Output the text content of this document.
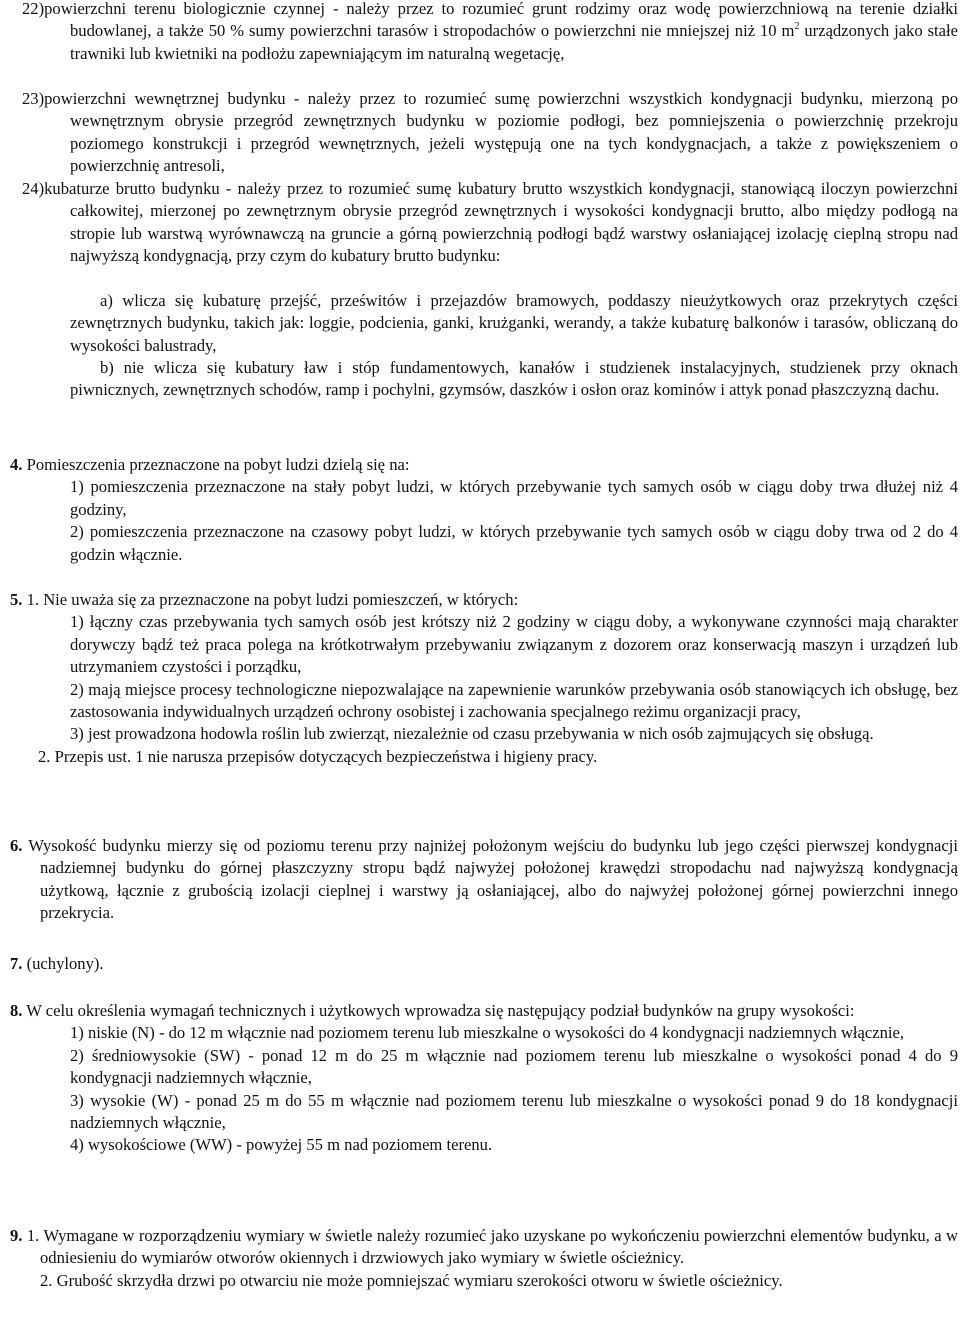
22)powierzchni terenu biologicznie czynnej - należy przez to rozumieć grunt rodzimy oraz wodę powierzchniową na terenie działki budowlanej, a także 50 % sumy powierzchni tarasów i stropodachów o powierzchni nie mniejszej niż 10 $m^2$ urządzonych jako stałe trawniki lub kwietniki na podłożu zapewniającym im naturalną wegetację,

23)powierzchni wewnętrznej budynku - należy przez to rozumieć sumę powierzchni wszystkich kondygnacji budynku, mierzoną po wewnętrznym obrysie przegród zewnętrznych budynku w poziomie podłogi, bez pomniejszenia o powierzchnię przekroju poziomego konstrukcji i przegród wewnętrznych, jeżeli występują one na tych kondygnacjach, a także z powiększeniem o powierzchnię antresoli,

24)kubaturze brutto budynku - należy przez to rozumieć sumę kubatury brutto wszystkich kondygnacji, stanowiącą iloczyn powierzchni całkowitej, mierzonej po zewnętrznym obrysie przegród zewnętrznych i wysokości kondygnacji brutto, albo między podłogą na stropie lub warstwą wyrównawczą na gruncie a górną powierzchnią podłogi bądź warstwy osłaniającej izolację cieplną stropu nad najwyższą kondygnacją, przy czym do kubatury brutto budynku:

a) wlicza się kubaturę przejść, prześwitów i przejazdów bramowych, poddaszy nieużytkowych oraz przekrytych części zewnętrznych budynku, takich jak: loggie, podcienia, ganki, krużganki, werandy, a także kubaturę balkonów i tarasów, obliczaną do wysokości balustrady,

b) nie wlicza się kubatury ław i stóp fundamentowych, kanałów i studzienek instalacyjnych, studzienek przy oknach piwnicznych, zewnętrznych schodów, ramp i pochylni, gzymsów, daszków i osłon oraz kominów i attyk ponad płaszczyzną dachu.

4. Pomieszczenia przeznaczone na pobyt ludzi dzielą się na:

1) pomieszczenia przeznaczone na stały pobyt ludzi, w których przebywanie tych samych osób w ciągu doby trwa dłużej niż 4 godziny,

2) pomieszczenia przeznaczone na czasowy pobyt ludzi, w których przebywanie tych samych osób w ciągu doby trwa od 2 do 4 godzin włącznie.

5. 1. Nie uważa się za przeznaczone na pobyt ludzi pomieszczeń, w których:

1) łączny czas przebywania tych samych osób jest krótszy niż 2 godziny w ciągu doby, a wykonywane czynności mają charakter dorywczy bądź też praca polega na krótkotrwałym przebywaniu związanym z dozorem oraz konserwacją maszyn i urządzeń lub utrzymaniem czystości i porządku,

2) mają miejsce procesy technologiczne niepozwalające na zapewnienie warunków przebywania osób stanowiących ich obsługę, bez zastosowania indywidualnych urządzeń ochrony osobistej i zachowania specjalnego reżimu organizacji pracy,

3) jest prowadzona hodowla roślin lub zwierząt, niezależnie od czasu przebywania w nich osób zajmujących się obsługą.

2. Przepis ust. 1 nie narusza przepisów dotyczących bezpieczeństwa i higieny pracy.

6. Wysokość budynku mierzy się od poziomu terenu przy najniżej położonym wejściu do budynku lub jego części pierwszej kondygnacji nadziemnej budynku do górnej płaszczyzny stropu bądź najwyżej położonej krawędzi stropodachu nad najwyższą kondygnacją użytkową, łącznie z grubością izolacji cieplnej i warstwy ją osłaniającej, albo do najwyżej położonej górnej powierzchni innego przekrycia.

7. (uchylony).

8. W celu określenia wymagań technicznych i użytkowych wprowadza się następujący podział budynków na grupy wysokości:

1) niskie (N) - do 12 m włącznie nad poziomem terenu lub mieszkalne o wysokości do 4 kondygnacji nadziemnych włącznie,

2) średniowysokie (SW) - ponad 12 m do 25 m włącznie nad poziomem terenu lub mieszkalne o wysokości ponad 4 do 9 kondygnacji nadziemnych włącznie,

3) wysokie (W) - ponad 25 m do 55 m włącznie nad poziomem terenu lub mieszkalne o wysokości ponad 9 do 18 kondygnacji nadziemnych włącznie,

4) wysokościowe (WW) - powyżej 55 m nad poziomem terenu.

9. 1. Wymagane w rozporządzeniu wymiary w świetle należy rozumieć jako uzyskane po wykończeniu powierzchni elementów budynku, a w odniesieniu do wymiarów otworów okiennych i drzwiowych jako wymiary w świetle ościeżnicy.

2. Grubość skrzydła drzwi po otwarciu nie może pomniejszać wymiaru szerokości otworu w świetle ościeżnicy.
